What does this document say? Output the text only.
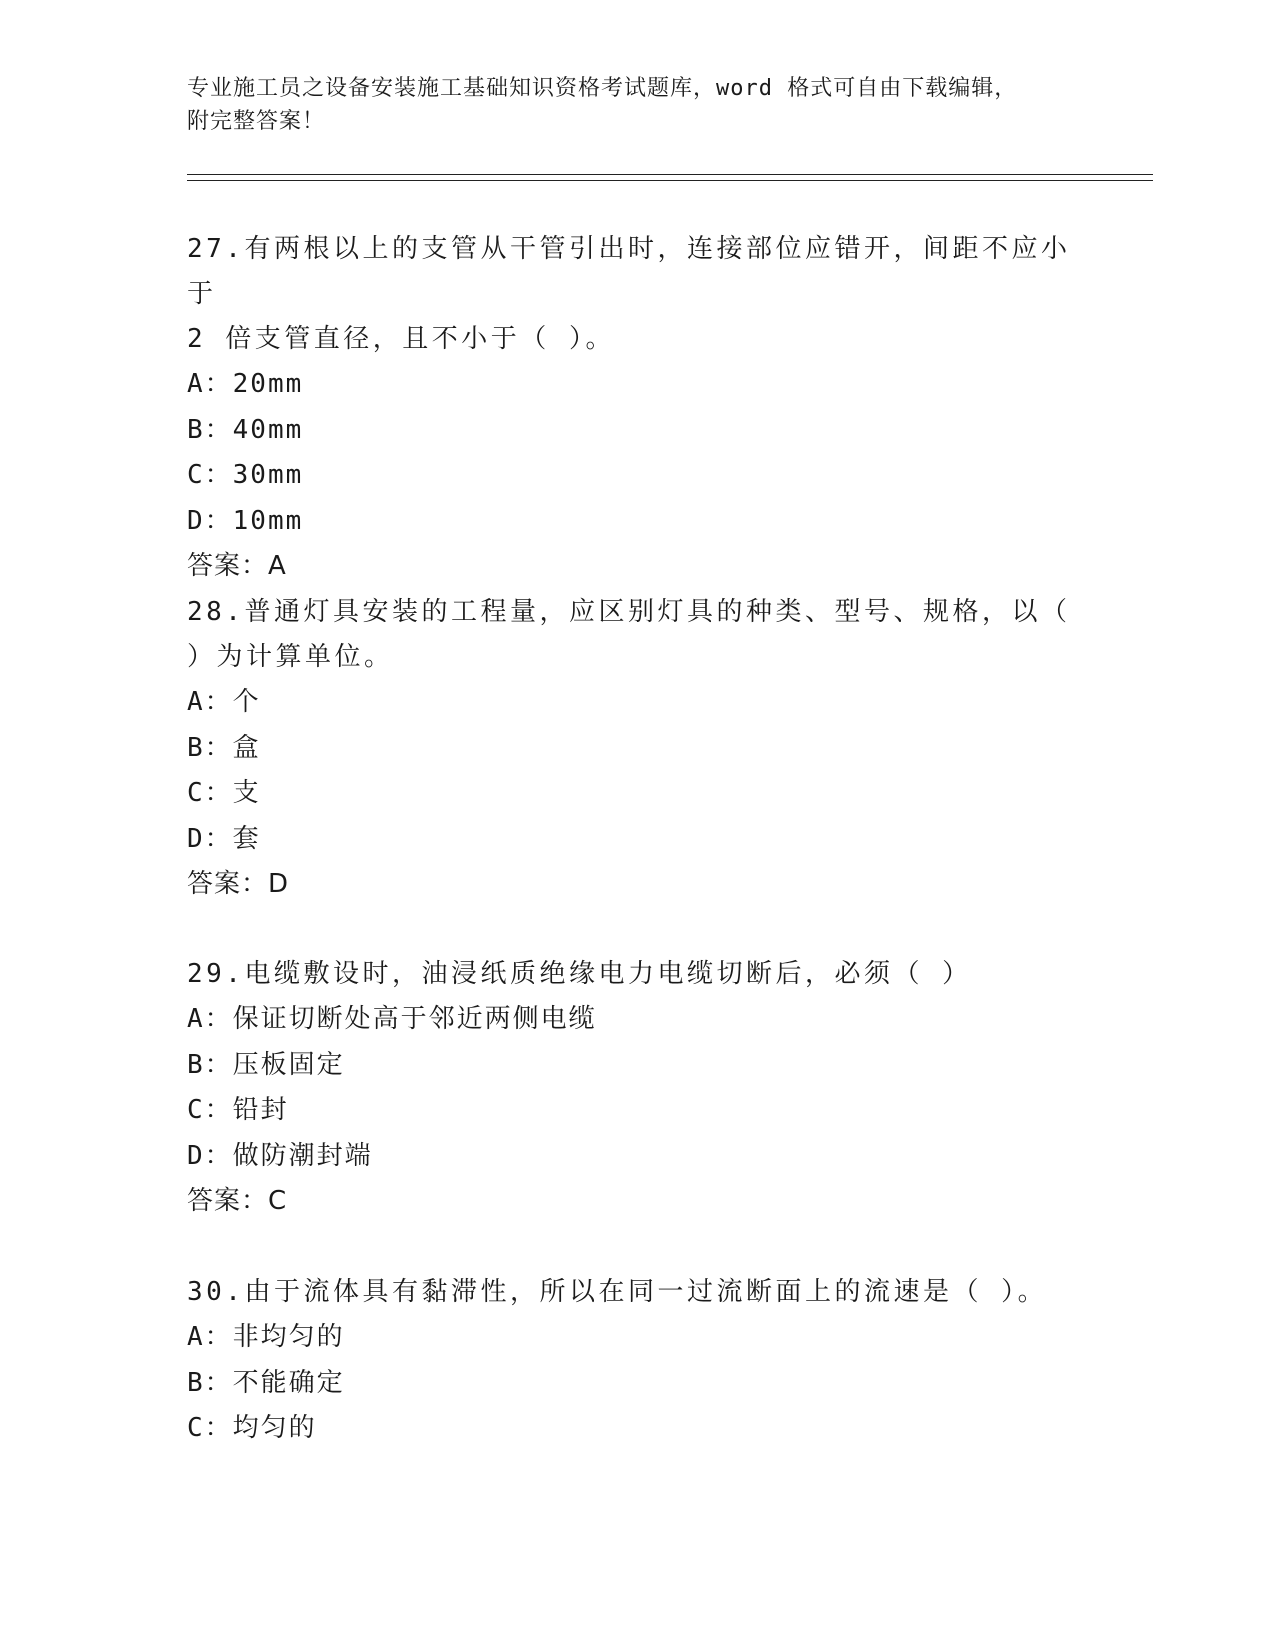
专业施工员之设备安装施工基础知识资格考试题库，word 格式可自由下载编辑，
附完整答案！
27.有两根以上的支管从干管引出时，连接部位应错开，间距不应小于
2 倍支管直径，且不小于（ ）。
A：20mm
B：40mm
C：30mm
D：10mm
答案：A
28.普通灯具安装的工程量，应区别灯具的种类、型号、规格，以（
）为计算单位。
A：个
B：盒
C：支
D：套
答案：D
29.电缆敷设时，油浸纸质绝缘电力电缆切断后，必须（ ）
A：保证切断处高于邻近两侧电缆
B：压板固定
C：铅封
D：做防潮封端
答案：C
30.由于流体具有黏滞性，所以在同一过流断面上的流速是（ ）。
A：非均匀的
B：不能确定
C：均匀的
